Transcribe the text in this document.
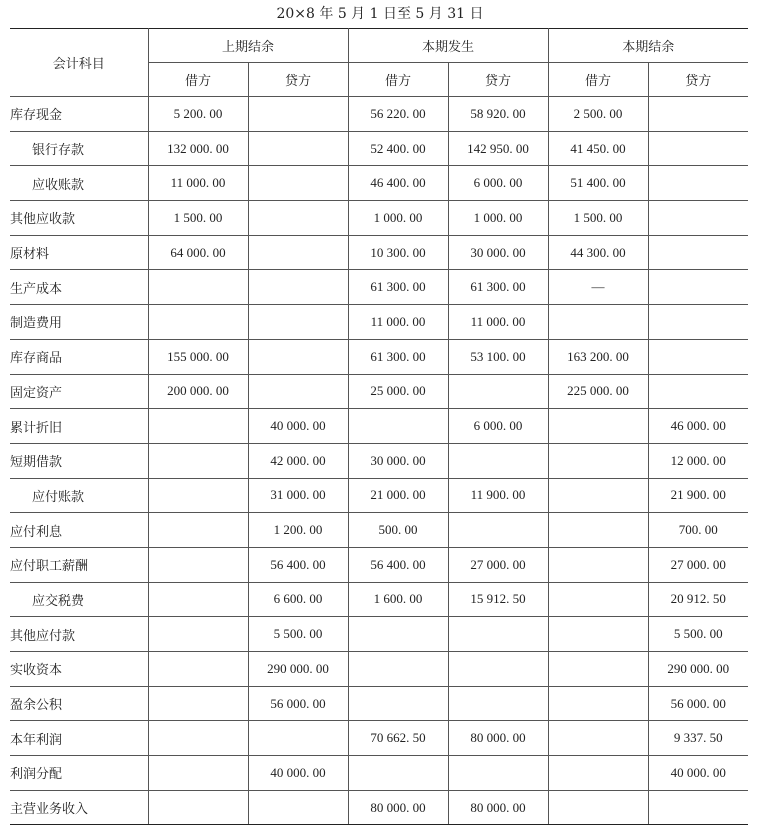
20×8 年 5 月 1 日至 5 月 31 日
会计科目	上期结余		本期发生		本期结余	
	借方	贷方	借方	贷方	借方	贷方
库存现金	5 200. 00		56 220. 00	58 920. 00	2 500. 00	
银行存款	132 000. 00		52 400. 00	142 950. 00	41 450. 00	
应收账款	11 000. 00		46 400. 00	6 000. 00	51 400. 00	
其他应收款	1 500. 00		1 000. 00	1 000. 00	1 500. 00	
原材料	64 000. 00		10 300. 00	30 000. 00	44 300. 00	
生产成本			61 300. 00	61 300. 00	—	
制造费用			11 000. 00	11 000. 00		
库存商品	155 000. 00		61 300. 00	53 100. 00	163 200. 00	
固定资产	200 000. 00		25 000. 00		225 000. 00	
累计折旧		40 000. 00		6 000. 00		46 000. 00
短期借款		42 000. 00	30 000. 00			12 000. 00
应付账款		31 000. 00	21 000. 00	11 900. 00		21 900. 00
应付利息		1 200. 00	500. 00			700. 00
应付职工薪酬		56 400. 00	56 400. 00	27 000. 00		27 000. 00
应交税费		6 600. 00	1 600. 00	15 912. 50		20 912. 50
其他应付款		5 500. 00				5 500. 00
实收资本		290 000. 00				290 000. 00
盈余公积		56 000. 00				56 000. 00
本年利润			70 662. 50	80 000. 00		9 337. 50
利润分配		40 000. 00				40 000. 00
主营业务收入			80 000. 00	80 000. 00		
